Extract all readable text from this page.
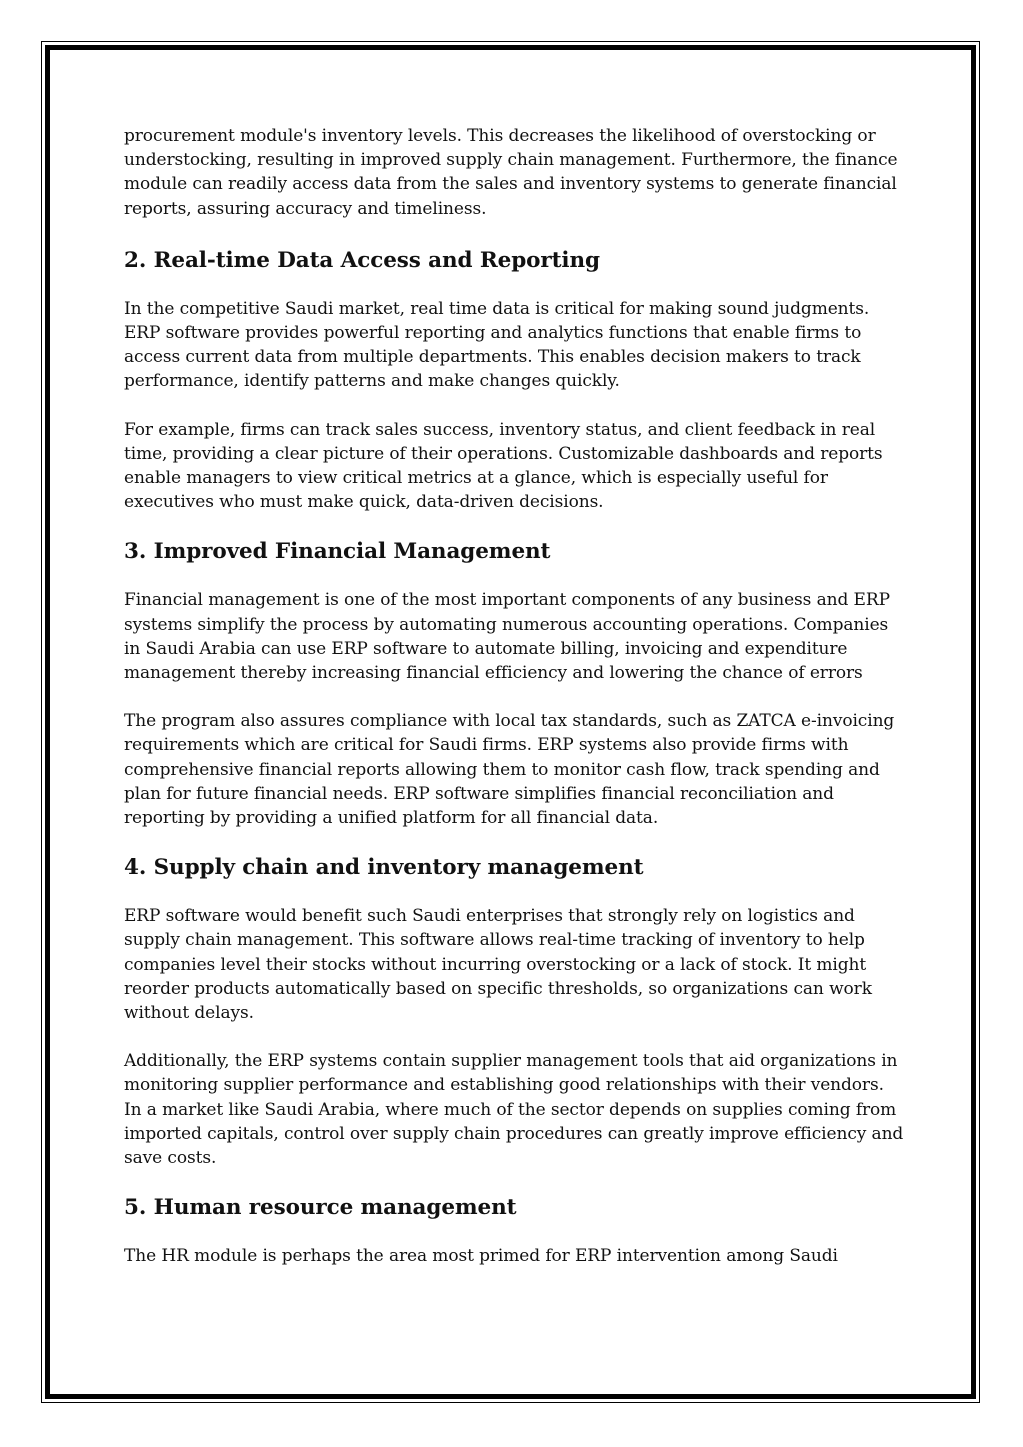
procurement module's inventory levels. This decreases the likelihood of overstocking or understocking, resulting in improved supply chain management. Furthermore, the finance module can readily access data from the sales and inventory systems to generate financial reports, assuring accuracy and timeliness.

2. Real-time Data Access and Reporting

In the competitive Saudi market, real time data is critical for making sound judgments. ERP software provides powerful reporting and analytics functions that enable firms to access current data from multiple departments. This enables decision makers to track performance, identify patterns and make changes quickly.

For example, firms can track sales success, inventory status, and client feedback in real time, providing a clear picture of their operations. Customizable dashboards and reports enable managers to view critical metrics at a glance, which is especially useful for executives who must make quick, data-driven decisions.

3. Improved Financial Management

Financial management is one of the most important components of any business and ERP systems simplify the process by automating numerous accounting operations. Companies in Saudi Arabia can use ERP software to automate billing, invoicing and expenditure management thereby increasing financial efficiency and lowering the chance of errors

The program also assures compliance with local tax standards, such as ZATCA e-invoicing requirements which are critical for Saudi firms. ERP systems also provide firms with comprehensive financial reports allowing them to monitor cash flow, track spending and plan for future financial needs. ERP software simplifies financial reconciliation and reporting by providing a unified platform for all financial data.

4. Supply chain and inventory management

ERP software would benefit such Saudi enterprises that strongly rely on logistics and supply chain management. This software allows real-time tracking of inventory to help companies level their stocks without incurring overstocking or a lack of stock. It might reorder products automatically based on specific thresholds, so organizations can work without delays.

Additionally, the ERP systems contain supplier management tools that aid organizations in monitoring supplier performance and establishing good relationships with their vendors. In a market like Saudi Arabia, where much of the sector depends on supplies coming from imported capitals, control over supply chain procedures can greatly improve efficiency and save costs.

5. Human resource management

The HR module is perhaps the area most primed for ERP intervention among Saudi
